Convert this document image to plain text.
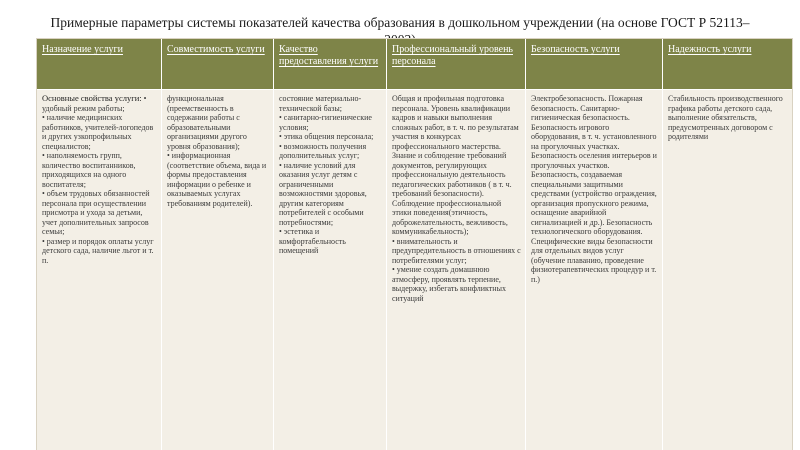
Примерные параметры системы показателей качества образования в дошкольном учреждении (на основе ГОСТ Р 52113–
Назначение услуги
Основные свойства услуги: • удобный режим работы;
• наличие медицинских работников, учителей-логопедов и других узкопрофильных специалистов;
• наполняемость групп, количество воспитанников, приходящихся на одного воспитателя;
• объем трудовых обязанностей персонала при осуществлении присмотра и ухода за детьми, учет дополнительных запросов семьи;
• размер и порядок оплаты услуг детского сада, наличие льгот и т. п.
Совместимость услуги
функциональная (преемственность в содержании работы с образовательными организациями другого уровня образования);
• информационная (соответствие объема, вида и формы предоставления информации о ребенке и оказываемых услугах требованиям родителей).
Качество предоставления услуги
состояние материально-технической базы;
• санитарно-гигиенические условия;
• этика общения персонала;
• возможность получения дополнительных услуг;
• наличие условий для оказания услуг детям с ограниченными возможностями здоровья, другим категориям потребителей с особыми потребностями;
• эстетика и комфортабельность помещений
Профессиональный уровень персонала
Общая и профильная подготовка персонала. Уровень квалификации кадров и навыки выполнения сложных работ, в т. ч. по результатам участия в конкурсах профессионального мастерства. Знание и соблюдение требований документов, регулирующих профессиональную деятельность педагогических работников ( в т. ч. требований безопасности). Соблюдение профессиональной этики поведения(этичность, доброжелательность, вежливость, коммуникабельность);
• внимательность и предупредительность в отношениях с потребителями услуг;
• умение создать домашнюю атмосферу, проявлять терпение, выдержку, избегать конфликтных ситуаций
Безопасность услуги
Электробезопасность. Пожарная безопасность. Санитарно-гигиеническая безопасность. Безопасность игрового оборудования, в т. ч. установленного на прогулочных участках. Безопасность оселения интерьеров и прогулочных участков. Безопасность, создаваемая специальными защитными средствами (устройство ограждения, организация пропускного режима, оснащение аварийной сигнализацией и др.). Безопасность технологического оборудования. Специфические виды безопасности для отдельных видов услуг (обучение плаванию, проведение физиотерапевтических процедур и т. п.)
Надежность услуги
Стабильность производственного графика работы детского сада, выполнение обязательств, предусмотренных договором с родителями
